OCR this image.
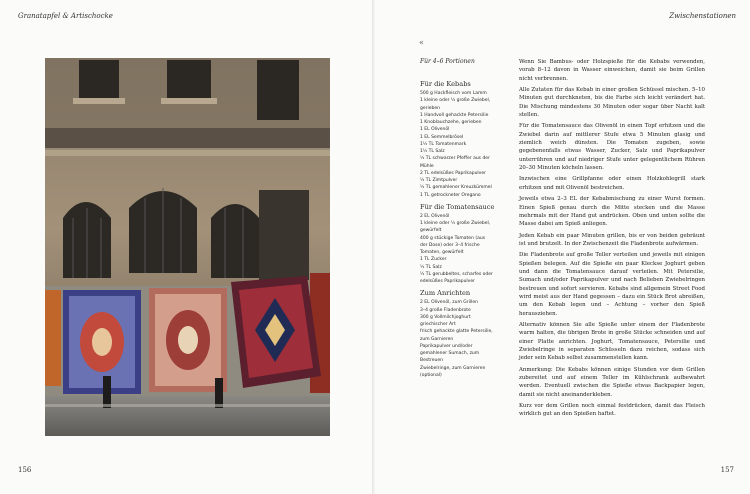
Granatapfel & Artischocke
156
Zwischenstationen
157
«
Für 4–6 Portionen
Für die Kebabs
500 g Hackfleisch vom Lamm
1 kleine oder ½ große Zwiebel,
gerieben
1 Handvoll gehackte Petersilie
1 Knoblauchzehe, gerieben
1 EL Olivenöl
1 EL Semmelbrösel
1½ TL Tomatenmark
1½ TL Salz
½ TL schwarzer Pfeffer aus der
Mühle
2 TL edelsüßes Paprikapulver
½ TL Zimtpulver
½ TL gemahlener Kreuzkümmel
1 TL getrockneter Oregano
Für die Tomatensauce
2 EL Olivenöl
1 kleine oder ½ große Zwiebel,
gewürfelt
400 g stückige Tomaten (aus
der Dose) oder 3–4 frische
Tomaten, gewürfelt
1 TL Zucker
½ TL Salz
½ TL gerubbeltes, scharfes oder
edelsüßes Paprikapulver
Zum Anrichten
2 EL Olivenöl, zum Grillen
3–4 große Fladenbrote
300 g Vollmilchjoghurt
griechischer Art
frisch gehackte glatte Petersilie,
zum Garnieren
Paprikapulver und/oder
gemahlener Sumach, zum
Bestreuen
Zwiebelringe, zum Garnieren
(optional)

Wenn Sie Bambus- oder Holzspieße für die Kebabs verwenden, vorab 8–12 davon in Wasser einweichen, damit sie beim Grillen nicht verbrennen.

Alle Zutaten für das Kebab in einer großen Schüssel mischen. 5–10 Minuten gut durchkneten, bis die Farbe sich leicht verändert hat. Die Mischung mindestens 30 Minuten oder sogar über Nacht kalt stellen.

Für die Tomatensauce das Olivenöl in einen Topf erhitzen und die Zwiebel darin auf mittlerer Stufe etwa 5 Minuten glasig und ziemlich weich dünsten. Die Tomaten zugeben, sowie gegebenenfalls etwas Wasser, Zucker, Salz und Paprikapulver unterrühren und auf niedriger Stufe unter gelegentlichem Rühren 20–30 Minuten köcheln lassen.

Inzwischen eine Grillpfanne oder einen Holzkohlegrill stark erhitzen und mit Olivenöl bestreichen.

Jeweils etwa 2–3 EL der Kebabmischung zu einer Wurst formen. Einen Spieß genau durch die Mitte stecken und die Masse mehrmals mit der Hand gut andrücken. Oben und unten sollte die Masse dabei am Spieß anliegen.

Jeden Kebab ein paar Minuten grillen, bis er von beiden gebräunt ist und brutzelt. In der Zwischenzeit die Fladenbrote aufwärmen.

Die Fladenbrote auf große Teller verteilen und jeweils mit einigen Spießen belegen. Auf die Spieße ein paar Kleckse Joghurt geben und dann die Tomatensauce darauf verteilen. Mit Petersilie, Sumach und/oder Paprikapulver und nach Belieben Zwiebelringen bestreuen und sofort servieren. Kebabs sind allgemein Street Food wird meist aus der Hand gegessen – dazu ein Stück Brot abreißen, um den Kebab legen und – Achtung – vorher den Spieß herausziehen.

Alternativ können Sie alle Spieße unter einem der Fladenbrote warm halten, die übrigen Brote in große Stücke schneiden und auf einer Platte anrichten. Joghurt, Tomatensauce, Petersilie und Zwiebelringe in separaten Schüsseln dazu reichen, sodass sich jeder sein Kebab selbst zusammenstellen kann.

Anmerkung: Die Kebabs können einige Stunden vor dem Grillen zubereitet und auf einem Teller im Kühlschrank aufbewahrt werden. Eventuell zwischen die Spieße etwas Backpapier legen, damit sie nicht aneinanderkleben.

Kurz vor dem Grillen noch einmal festdrücken, damit das Fleisch wirklich gut an den Spießen haftet.
